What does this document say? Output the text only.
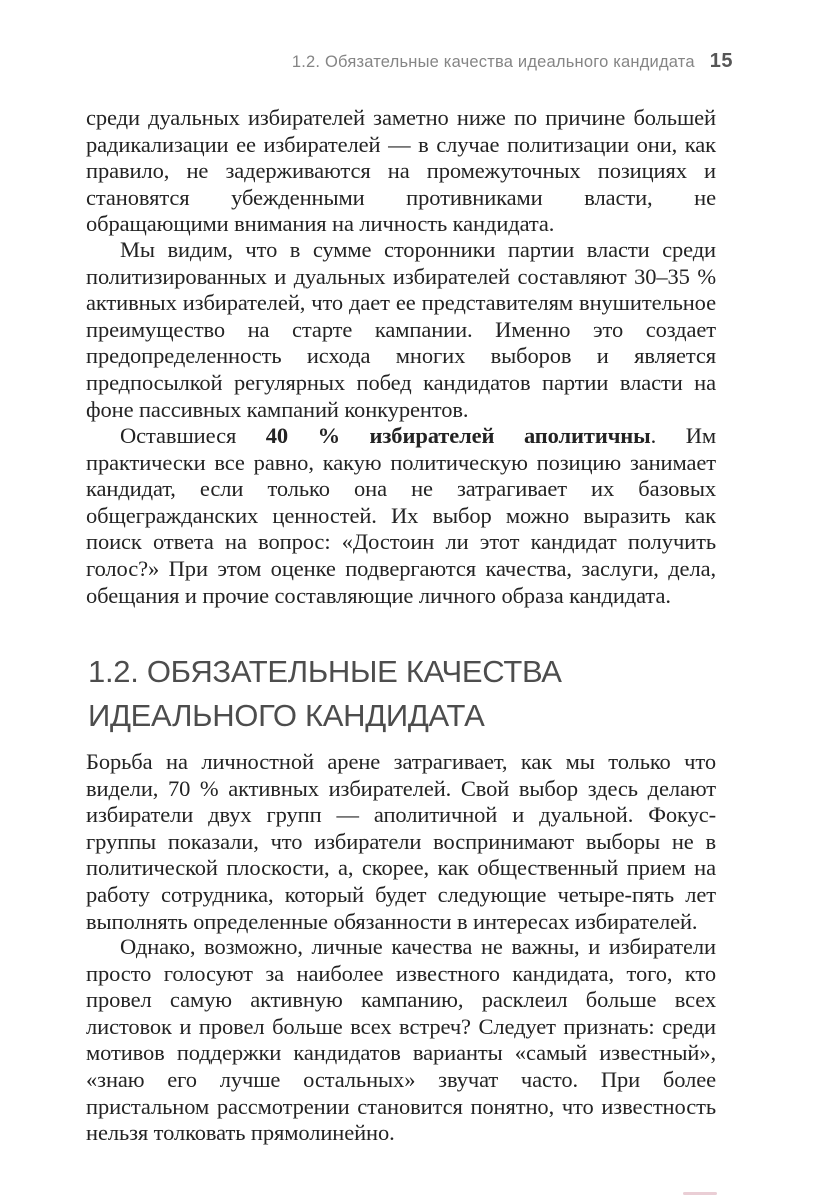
1.2. Обязательные качества идеального кандидата 15

среди дуальных избирателей заметно ниже по причине большей радикализации ее избирателей — в случае политизации они, как правило, не задерживаются на промежуточных позициях и становятся убежденными противниками власти, не обращающими внимания на личность кандидата.

Мы видим, что в сумме сторонники партии власти среди политизированных и дуальных избирателей составляют 30–35 % активных избирателей, что дает ее представителям внушительное преимущество на старте кампании. Именно это создает предопределенность исхода многих выборов и является предпосылкой регулярных побед кандидатов партии власти на фоне пассивных кампаний конкурентов.

Оставшиеся 40 % избирателей аполитичны. Им практически все равно, какую политическую позицию занимает кандидат, если только она не затрагивает их базовых общегражданских ценностей. Их выбор можно выразить как поиск ответа на вопрос: «Достоин ли этот кандидат получить голос?» При этом оценке подвергаются качества, заслуги, дела, обещания и прочие составляющие личного образа кандидата.

1.2. ОБЯЗАТЕЛЬНЫЕ КАЧЕСТВА
ИДЕАЛЬНОГО КАНДИДАТА

Борьба на личностной арене затрагивает, как мы только что видели, 70 % активных избирателей. Свой выбор здесь делают избиратели двух групп — аполитичной и дуальной. Фокус-группы показали, что избиратели воспринимают выборы не в политической плоскости, а, скорее, как общественный прием на работу сотрудника, который будет следующие четыре-пять лет выполнять определенные обязанности в интересах избирателей.

Однако, возможно, личные качества не важны, и избиратели просто голосуют за наиболее известного кандидата, того, кто провел самую активную кампанию, расклеил больше всех листовок и провел больше всех встреч? Следует признать: среди мотивов поддержки кандидатов варианты «самый известный», «знаю его лучше остальных» звучат часто. При более пристальном рассмотрении становится понятно, что известность нельзя толковать прямолинейно.
